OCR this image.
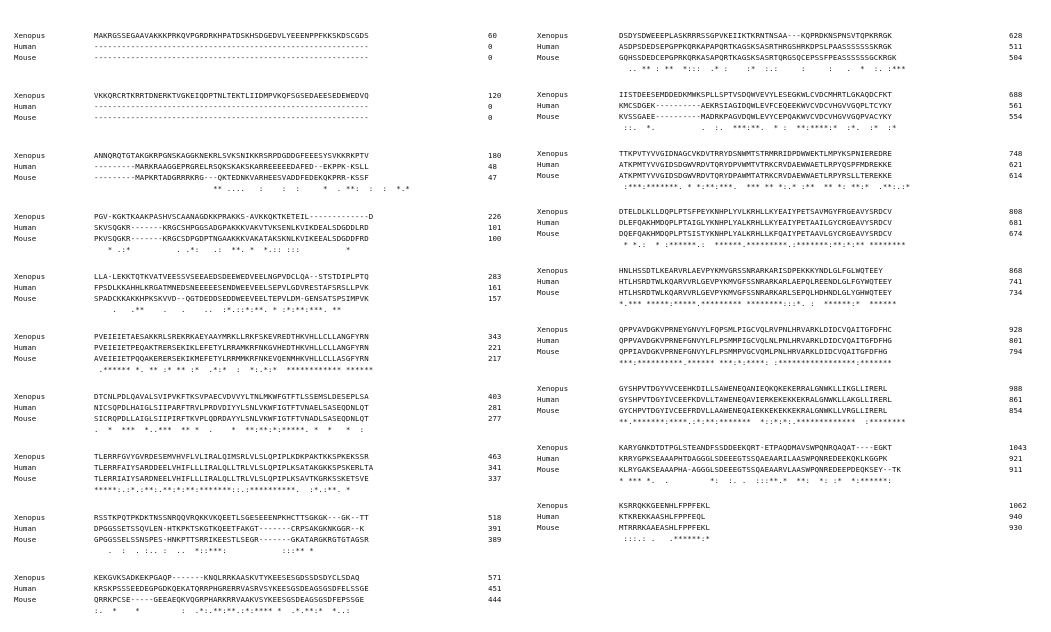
Xenopus	MAKRGSSEGAAVAKKKPRKQVPGRDRKHPATDSKHSDGEDVLYEEENPPFKKSKDSCGDS	60
Human	------------------------------------------------------------	0
Mouse	------------------------------------------------------------	0
Xenopus	VKKQRCRTKRRTDNERKTVGKEIQDPTNLTEKTLIIDMPVKQFSGSEDAEESEDEWEDVQ	120
Human	------------------------------------------------------------	0
Mouse	------------------------------------------------------------	0
Xenopus	ANNQRQTGTAKGKRPGNSKAGGKNEKRLSVKSNIKKRSRPDGDDGFEEESYSVKKRKPTV	180
Human	---------MARKRAAGGEPRGRELRSQKSKAKSKARREEEEEDAFED--EKPPK-KSLL	48
Mouse	---------MAPKRTADGRRRKRG---QKTEDNKVARHEESVADDFEDEKQKPRR-KSSF	47
** ....   :    :  :     *  . **:  :  :  *.*
Xenopus	PGV-KGKTKAAKPASHVSCAANAGDKKPRAKKS-AVKKQKTKETEIL-------------D	226
Human	SKVSQGKR-------KRGCSHPGGSADGPAKKKVAKVTVKSENLKVIKDEALSDGDDLRD	101
Mouse	PKVSQGKR-------KRGCSDPGDPTNGAAKKKVAKATAKSKNLKVIKEEALSDGDDFRD	100
* .:*          . .*:   .:  **. *  *.:: :::          *
Xenopus	LLA-LEKKTQTKVATVEESSVSEEAEDSDEEWEDVEELNGPVDCLQA--STSTDIPLPTQ	283
Human	FPSDLKKAHHLKRGATMNEDSNEEEEESENDWEEVEELSEPVLGDVRESTAFSRSLLPVK	161
Mouse	SPADCKKAKKHPKSKVVD--QGTDEDDSEDDWEEVEELTEPVLDM-GENSATSPSIMPVK	157
.   .**    .   .    ..  :*.::*:**. * :*:**:***. **
Xenopus	PVEIEIETAESAKKRLSREKRKAEYAAYMRKLLRKFSKEVREDTHKVHLLCLLANGFYRN	343
Human	PVEIEIETPEQAKTRERSEKIKLEFETYLRRAMKRFNKGVHEDTHKVHLLCLLANGFYRN	221
Mouse	AVEIEIETPQQAKERERSEKIKMEFETYLRRMMKRFNKEVQENMHKVHLLCLLASGFYRN	217
.****** *. ** :* ** :*  .*:*  :  *:.*:*  ************ ******
Xenopus	DTCNLPDLQAVALSVIPVKFTKSVPAECVDVVYLTNLMKWFGTFTLSSEMSLDESEPLSA	403
Human	NICSQPDLHAIGLSIIPARFTRVLPRDVDIYYLSNLVKWFIGTFTVNAELSASEQDNLQT	281
Mouse	SICRQPDLLAIGLSIIPIRFTKVPLQDRDAYYLSNLVKWFIGTFTVNADLSASEQDNLQT	277
.  *  ***  *..***  ** *  .    *  **:**:*:*****. *  *   *  :
Xenopus	TLERRFGVYGVRDESEMVHVFLVLIRALQIMSRLVLSLQPIPLKDKPAKTKKSPKEKSSR	463
Human	TLERRFAIYSARDDEELVHIFLLLIRALQLLTRLVLSLQPIPLKSATAKGKKSPSKERLTA	341
Mouse	TLERRIAIYSARDNEELVHIFLLLIRALQLLTRLVLSLQPIPLKSAVTKGRKSSKETSVE	337
*****:.:*.:**:.**:*:**:*******::.:**********.  :*.:**. *
Xenopus	RSSTKPQTPKDKTNSSNRQQVRQKKVKQEETLSGESEEENPKHCTTSGKGK---GK--TT	518
Human	DPGGSSETSSQVLEN-HTKPKTSKGTKQEETFAKGT-------CRPSAKGKNKGGR--K	391
Mouse	GPGGSSELSSNSPES-HNKPTTSRRIKEESTLSEGR-------GKATARGKRGTGTAGSR	389
.  :  . :.. :  ..  *::***:            :::** *
Xenopus	KEKGVKSADKEKPGAQP-------KNQLRRKAASKVTYKEESESGDSSDSDYCLSDAQ	571
Human	KRSKPSSSEEDEGPGDKQEKATQRRPHGRERRVASRVSYKEESGSDEAGSGSDFELSSGE	451
Mouse	QRRKPCSE-----GEEAEQKVQGRPHARKRRVAAKVSYKEESGSDEAGSGSDFEPSSGE	444
:.  *    *         :  .*:.**:**.:*:**** *  .*.**:*  *..:
Xenopus	DSDYSDWEEEPLASKRRRSSGPVKEIIKTKRNTNSAA---KQPRDKNSPNSVTQPKRRGK	628
Human	ASDPSDEDSEPGPPKQRKAPAPQRTKAGSKSASRTHRGSHRKDPSLPAASSSSSSSKRGK	511
Mouse	GQHSSDEDCEPGPRKQRKASAPQRTKAGSKSASRTQRGSQCEPSSFPEASSSSSSGCKRGK	504
.. ** : **  *:::  .* :    :*  :.:     :     :   .  *  :. :***
Xenopus	IISTDEESEMDDEDKMWKSPLLSPTVSDQWVEVYLESEGKWLCVDCMHRTLGKAQDCFKT	688
Human	KMCSDGEK----------AEKRSIAGIDQWLEVFCEQEEKWVCVDCVHGVVGQPLTCYKY	561
Mouse	KVSSGAEE----------MADRKPAGVDQWLEVYCEPQAKWVCVDCVHGVVGQPVACYKY	554
::.  *.          .  :.  ***:**.  * :  **:****:*  :*.  :*  :*
Xenopus	TTKPVTYVVGIDNAGCVKDVTRRYDSNWMTSTRMRRIDPDWWEKTLMPYKSPNIEREDRE	748
Human	ATKPMTYVVGIDSDGWVRDVTQRYDPVWMTVTRKCRVDAEWWAETLRPYQSPFMDREKKE	621
Mouse	ATKPMTYVVGIDSDGWVRDVTQRYDPAWMTATRKCRVDAEWWAETLRPYRSLLTEREKKE	614
:***:*******. * *:**:***.  *** ** *:.* :**  ** *: **:*  .**:.:*
Xenopus	DTELDLKLLDQPLPTSFPEYKNHPLYVLKRHLLKYEAIYPETSAVMGYFRGEAVYSRDCV	808
Human	DLEFQAKHMDQPLPTAIGLYKNHPLYALKRHLLKYEAIYPETAAILGYCRGEAVYSRDCV	681
Mouse	DQEFQAKHMDQPLPTSISTYKNHPLYALKRHLLKFQAIYPETAAVLGYCRGEAVYSRDCV	674
* *.:  * :******.:  ******.*********.:*******:**:*:** ********
Xenopus	HNLHSSDTLKEARVRLAEVPYKMVGRSSNRARKARISDPEKKKYNDLGLFGLWQTEEY	868
Human	HTLHSRDTWLKQARVVRLGEVPYKMVGFSSNRARKARLAEPQLREENDLGLFGYWQTEEY	741
Mouse	HTLHSRDTWLKQARVVRLGEVPYKMVGFSSNRARKARLSEPQLHDHNDLGLYGHWQTEEY	734
*.*** *****:*****.********* ********:::*. :  ******:*  ******
Xenopus	QPPVAVDGKVPRNEYGNVYLFQPSMLPIGCVQLRVPNLHRVARKLDIDCVQAITGFDFHC	928
Human	QPPVAVDGKVPRNEFGNVYLFLPSMMPIGCVQLNLPNLHRVARKLDIDCVQAITGFDFHG	801
Mouse	QPPIAVDGKVPRNEFGNVYLFLPSMMPVGCVQMLPNLHRVARKLDIDCVQAITGFDFHG	794
***:**********.****** ***:*:****: :*****************:*******
Xenopus	GYSHPVTDGYVVCEEHKDILLSAWENEQANIEQKQKEKERRALGNWKLLIKGLLIRERL	988
Human	GYSHPVTDGYIVCEEFKDVLLTAWENEQAVIERKEKEKKEKRALGNWKLLAKGLLIRERL	861
Mouse	GYCHPVTDGYIVCEEFRDVLLAAWENEQAIEKKEKEKKEKRALGNWKLLVRGLLIRERL	854
**.*******:****.:*:**:*******  *::*:*:.*************  :********
Xenopus	KARYGNKDTDTPGLSTEANDFSSDDEEKQRT-ETPAQDMAVSWPQNRQAQAT----EGKT	1043
Human	KRRYGPKSEAAAPHTDAGGGLSDEEEGTSSQAEAARILAASWPQNREDEEKQKLKGGPK	921
Mouse	KLRYGAKSEAAAPHA-AGGGLSDEEEGTSSQAEAARVLAASWPQNREDEEPDEQKSEY--TK	911
* *** *.  .         *:  :. .  :::**.*  **:  *: :*  *:******:
Xenopus	KSRRQKKGEENHLFPPFEKL	1062
Human	KTKREKKAASHLFPPFEQL	940
Mouse	MTRRRKAAEASHLFPPFEKL	930
:::.: .   .******:*
